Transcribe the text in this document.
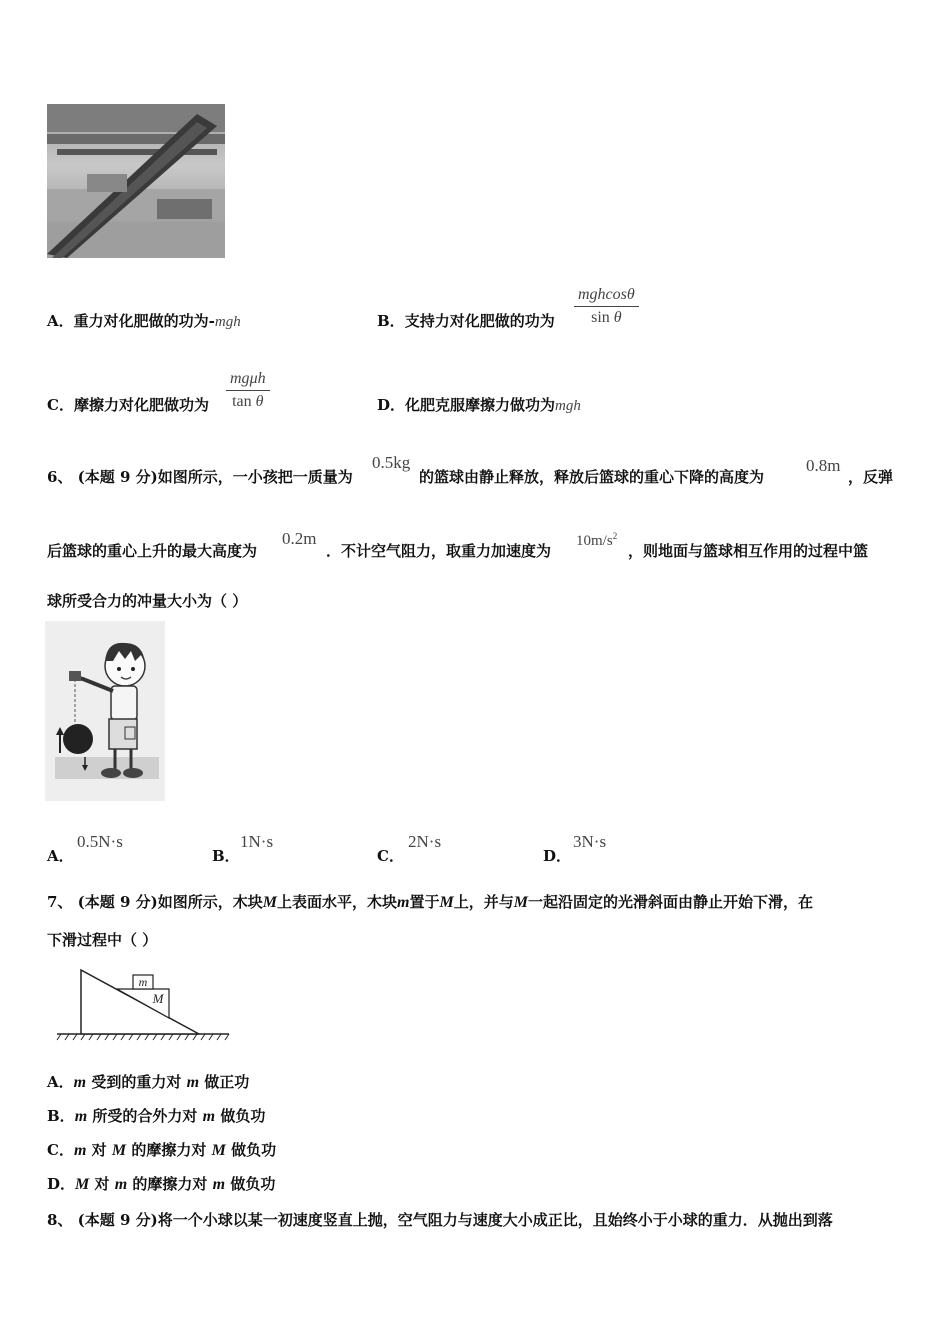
A．重力对化肥做的功为-mgh	B．支持力对化肥做的功为
mghcosθ
sin θ
C．摩擦力对化肥做功为
mgμh
tan θ	D．化肥克服摩擦力做功为mgh
6、 (本题 9 分)如图所示，一小孩把一质量为
0.5kg
的篮球由静止释放，释放后篮球的重心下降的高度为
0.8m
，反弹
后篮球的重心上升的最大高度为
0.2m
．不计空气阻力，取重力加速度为
$10m/s^2$
，则地面与篮球相互作用的过程中篮
球所受合力的冲量大小为（ ）
A．
0.5N·s
B．
1N·s
C．
2N·s
D．
3N·s
7、 (本题 9 分)如图所示，木块M上表面水平，木块m置于M上，并与M一起沿固定的光滑斜面由静止开始下滑，在
下滑过程中（ ）
m
M
A．m 受到的重力对 m 做正功
B．m 所受的合外力对 m 做负功
C．m 对 M 的摩擦力对 M 做负功
D．M 对 m 的摩擦力对 m 做负功
8、 (本题 9 分)将一个小球以某一初速度竖直上抛，空气阻力与速度大小成正比，且始终小于小球的重力．从抛出到落
